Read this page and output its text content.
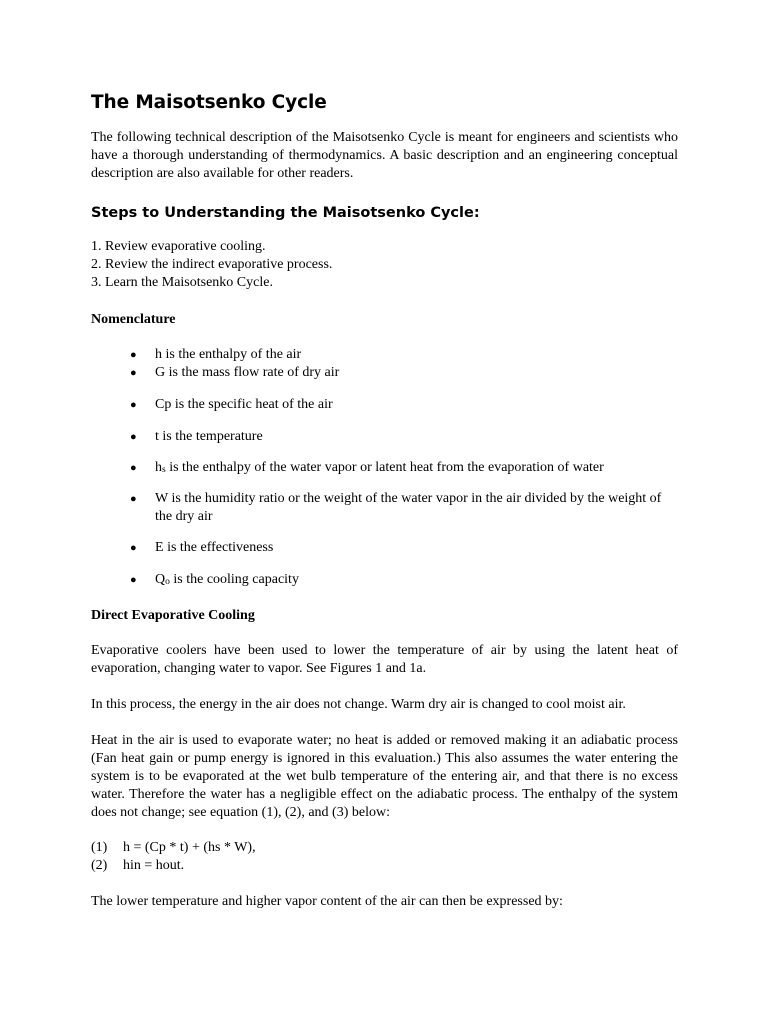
The Maisotsenko Cycle

The following technical description of the Maisotsenko Cycle is meant for engineers and scientists who have a thorough understanding of thermodynamics. A basic description and an engineering conceptual description are also available for other readers.

Steps to Understanding the Maisotsenko Cycle:
1. Review evaporative cooling.
2. Review the indirect evaporative process.
3. Learn the Maisotsenko Cycle.
Nomenclature
● h is the enthalpy of the air
● G is the mass flow rate of dry air
● Cp is the specific heat of the air
● t is the temperature
● $h_s$ is the enthalpy of the water vapor or latent heat from the evaporation of water
● W is the humidity ratio or the weight of the water vapor in the air divided by the weight of the dry air
● E is the effectiveness
● $Q_o$ is the cooling capacity
Direct Evaporative Cooling

Evaporative coolers have been used to lower the temperature of air by using the latent heat of evaporation, changing water to vapor. See Figures 1 and 1a.

In this process, the energy in the air does not change. Warm dry air is changed to cool moist air.

Heat in the air is used to evaporate water; no heat is added or removed making it an adiabatic process (Fan heat gain or pump energy is ignored in this evaluation.) This also assumes the water entering the system is to be evaporated at the wet bulb temperature of the entering air, and that there is no excess water. Therefore the water has a negligible effect on the adiabatic process. The enthalpy of the system does not change; see equation (1), (2), and (3) below:

(1) h = (Cp * t) + (hs * W),
(2) hin = hout.

The lower temperature and higher vapor content of the air can then be expressed by:
